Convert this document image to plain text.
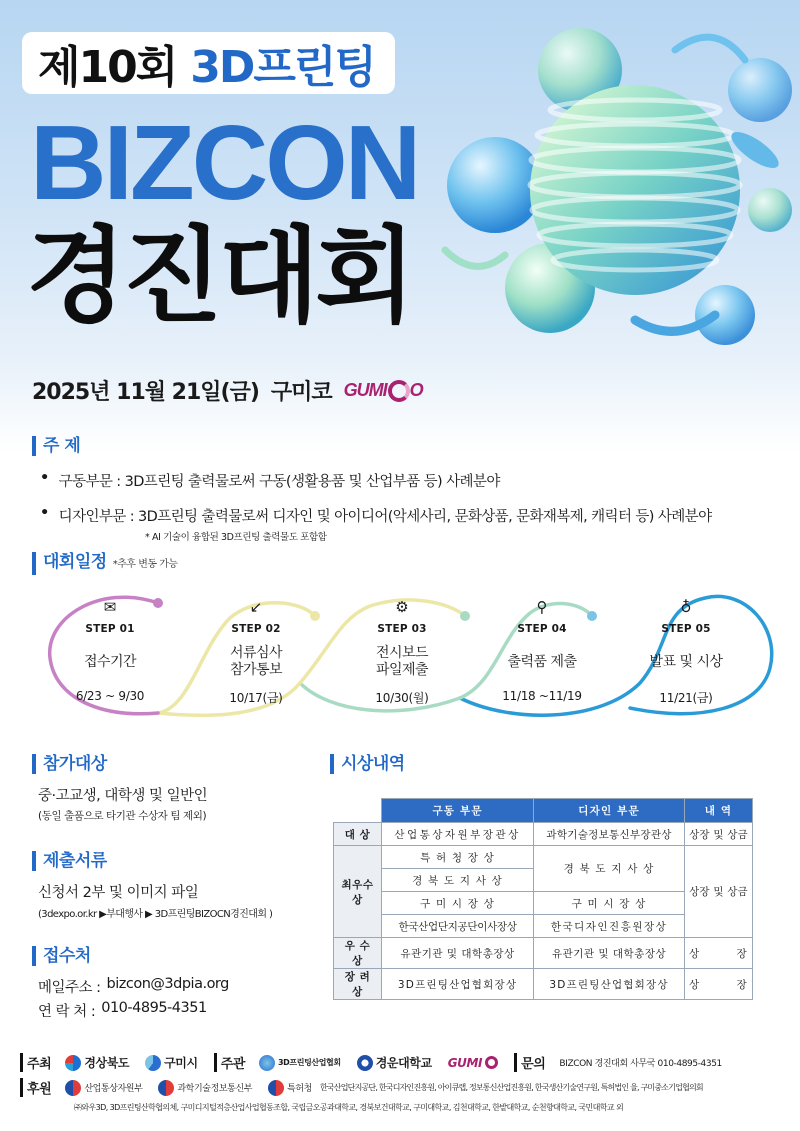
제10회 3D프린팅
BIZCON
경진대회
2025년 11월 21일(금) 구미코 GUMI O
주 제
• 구동부문 : 3D프린팅 출력물로써 구동(생활용품 및 산업부품 등) 사례분야
• 디자인부문 : 3D프린팅 출력물로써 디자인 및 아이디어(악세사리, 문화상품, 문화재복제, 캐릭터 등) 사례분야
* AI 기술이 융합된 3D프린팅 출력물도 포함함
대회일정 *추후 변동 가능
✉
STEP 01
접수기간
6/23 ~ 9/30
↙
STEP 02
서류심사
참가통보
10/17(금)
⚙
STEP 03
전시보드
파일제출
10/30(월)
⚲
STEP 04
출력품 제출
11/18 ~11/19
♁
STEP 05
발표 및 시상
11/21(금)
참가대상
중·고교생, 대학생 및 일반인
(동일 출품으로 타기관 수상자 팀 제외)
제출서류
신청서 2부 및 이미지 파일
(3dexpo.or.kr ▶부대행사 ▶ 3D프린팅BIZOCN경진대회 )
접수처
메일주소 : bizcon@3dpia.org
연 락 처 : 010-4895-4351
시상내역
	구동 부문	디자인 부문	내 역
대 상	산업통상자원부장관상	과학기술정보통신부장관상	상장 및 상금
최우수상	특 허 청 장 상	경 북 도 지 사 상	상장 및 상금
	경 북 도 지 사 상		
	구 미 시 장 상	구 미 시 장 상	
	한국산업단지공단이사장상	한국디자인진흥원장상	
우 수 상	유관기관 및 대학총장상	유관기관 및 대학총장상	상        장
장 려 상	3D프린팅산업협회장상	3D프린팅산업협회장상	상        장
주최	경상북도	구미시	주관	3D프린팅산업협회	경운대학교 GUMI	문의 BIZCON 경진대회 사무국 010-4895-4351
후원	산업통상자원부	과학기술정보통신부	특허청 한국산업단지공단, 한국디자인진흥원, 아이큐랩, 정보통신산업진흥원, 한국생산기술연구원, 특허법인 율, 구미중소기업협의회
㈜와우3D, 3D프린팅산학협의체, 구미디지털적층산업사업협동조합, 국립금오공과대학교, 경북보건대학교, 구미대학교, 김천대학교, 한밭대학교, 순천향대학교, 국민대학교 외
